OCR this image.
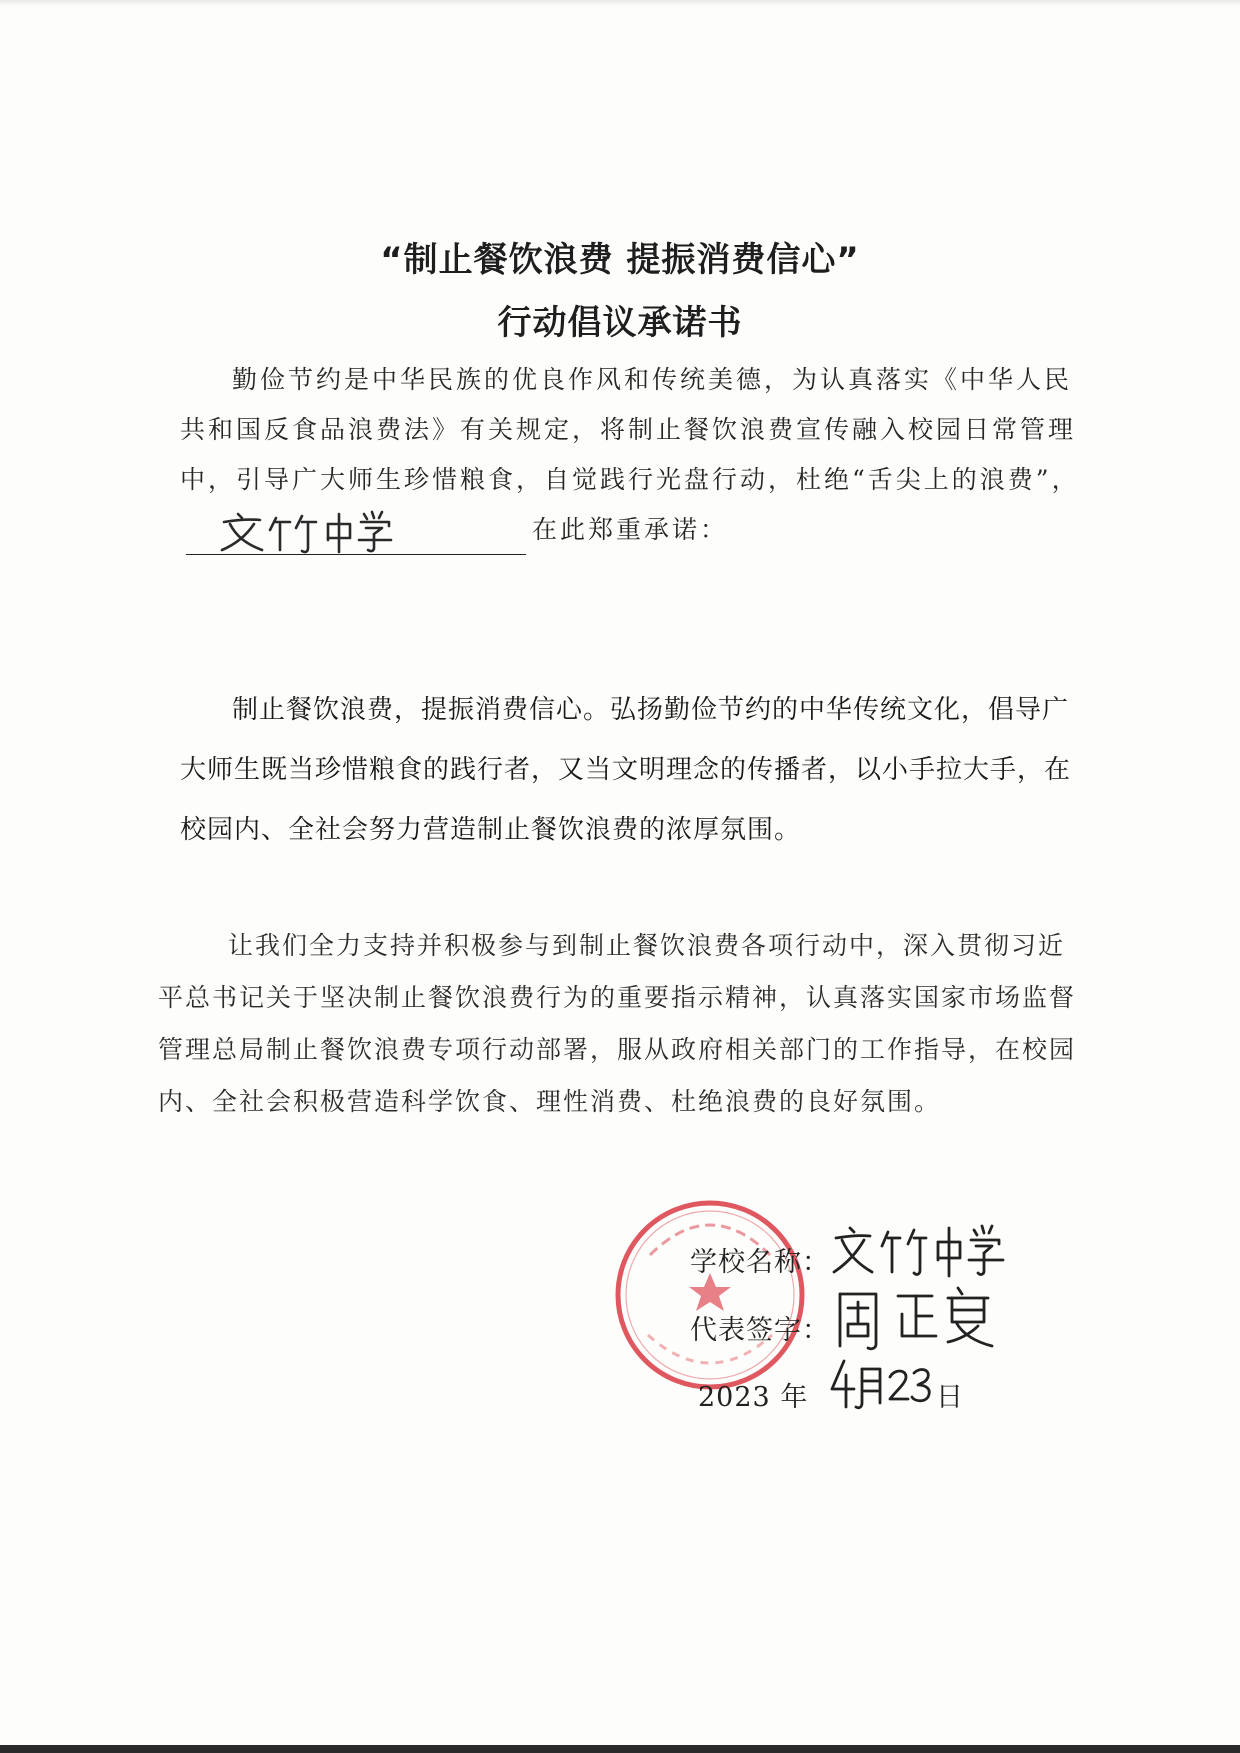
“制止餐饮浪费 提振消费信心”
行动倡议承诺书
勤俭节约是中华民族的优良作风和传统美德，为认真落实《中华人民共和国反食品浪费法》有关规定，将制止餐饮浪费宣传融入校园日常管理中，引导广大师生珍惜粮食，自觉践行光盘行动，杜绝“舌尖上的浪费”，
在此郑重承诺：
制止餐饮浪费，提振消费信心。弘扬勤俭节约的中华传统文化，倡导广大师生既当珍惜粮食的践行者，又当文明理念的传播者，以小手拉大手，在校园内、全社会努力营造制止餐饮浪费的浓厚氛围。
让我们全力支持并积极参与到制止餐饮浪费各项行动中，深入贯彻习近平总书记关于坚决制止餐饮浪费行为的重要指示精神，认真落实国家市场监督管理总局制止餐饮浪费专项行动部署，服从政府相关部门的工作指导，在校园内、全社会积极营造科学饮食、理性消费、杜绝浪费的良好氛围。
学校名称：
代表签字：
2023 年	日
